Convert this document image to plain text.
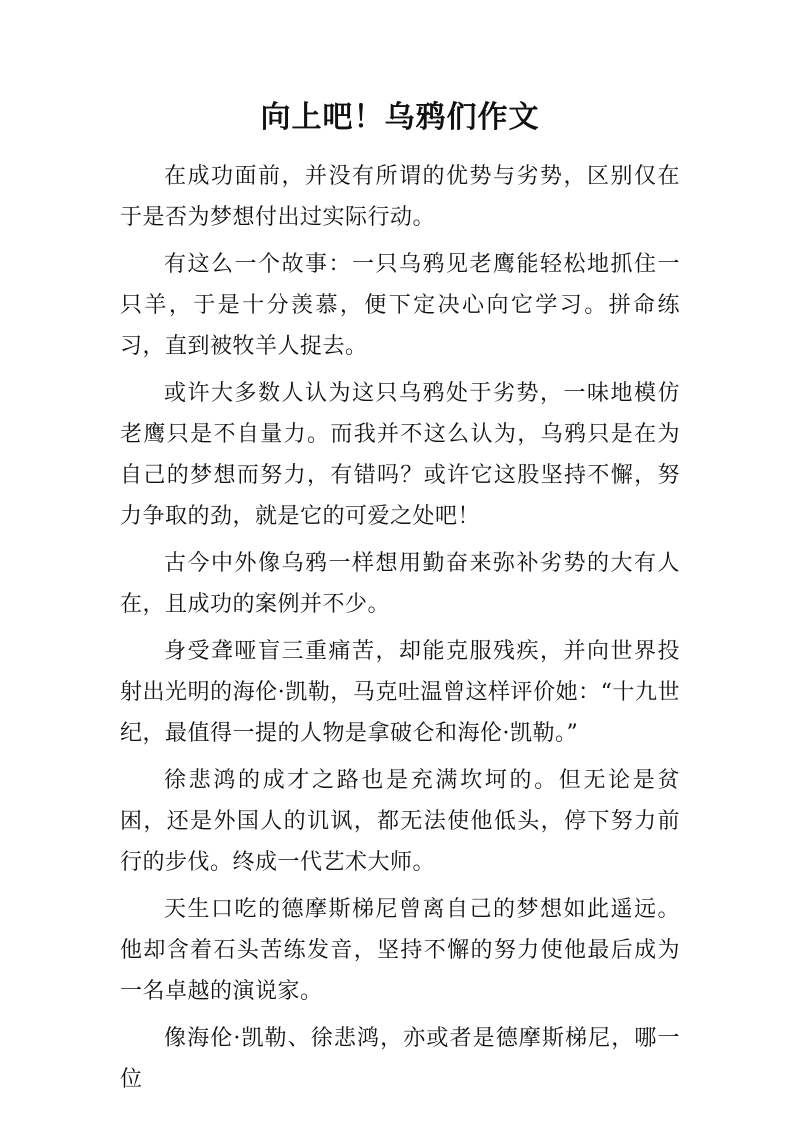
向上吧！乌鸦们作文

在成功面前，并没有所谓的优势与劣势，区别仅在于是否为梦想付出过实际行动。

有这么一个故事：一只乌鸦见老鹰能轻松地抓住一只羊，于是十分羡慕，便下定决心向它学习。拼命练习，直到被牧羊人捉去。

或许大多数人认为这只乌鸦处于劣势，一味地模仿老鹰只是不自量力。而我并不这么认为，乌鸦只是在为自己的梦想而努力，有错吗？或许它这股坚持不懈，努力争取的劲，就是它的可爱之处吧！

古今中外像乌鸦一样想用勤奋来弥补劣势的大有人在，且成功的案例并不少。

身受聋哑盲三重痛苦，却能克服残疾，并向世界投射出光明的海伦·凯勒，马克吐温曾这样评价她：“十九世纪，最值得一提的人物是拿破仑和海伦·凯勒。”

徐悲鸿的成才之路也是充满坎坷的。但无论是贫困，还是外国人的讥讽，都无法使他低头，停下努力前行的步伐。终成一代艺术大师。

天生口吃的德摩斯梯尼曾离自己的梦想如此遥远。他却含着石头苦练发音，坚持不懈的努力使他最后成为一名卓越的演说家。

像海伦·凯勒、徐悲鸿，亦或者是德摩斯梯尼，哪一位
